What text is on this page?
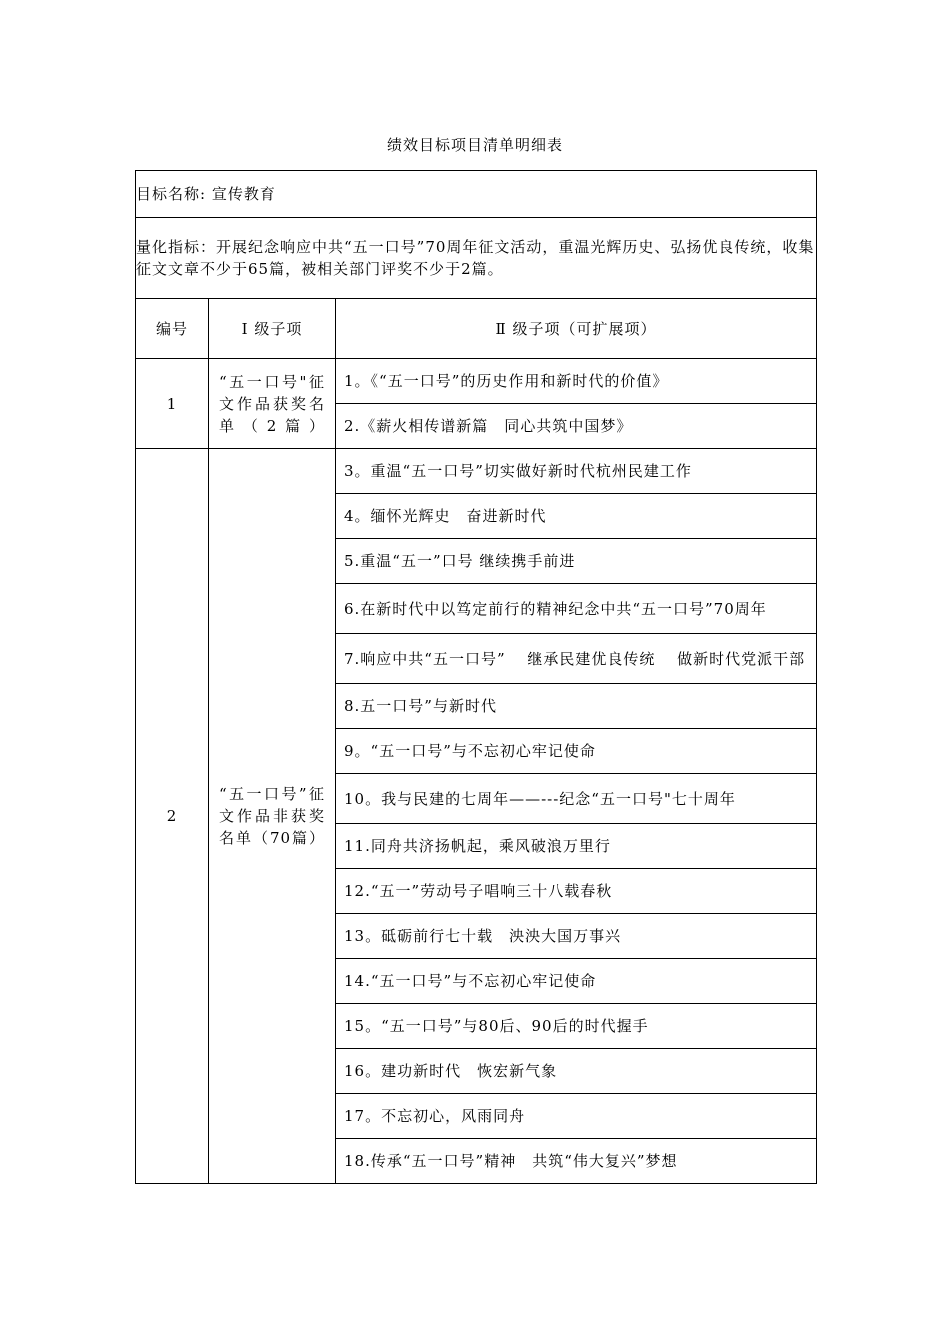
绩效目标项目清单明细表
目标名称: 宣传教育		
量化指标：开展纪念响应中共“五一口号”70周年征文活动，重温光辉历史、弘扬优良传统，收集征文文章不少于65篇，被相关部门评奖不少于2篇。		
编号	Ⅰ 级子项	Ⅱ 级子项（可扩展项）
1	“五一口号"征文作品获奖名单（2篇）	1。《“五一口号”的历史作用和新时代的价值》
		2.《薪火相传谱新篇　同心共筑中国梦》
2	“五一口号”征文作品非获奖名单（70篇）	3。重温“五一口号”切实做好新时代杭州民建工作
		4。缅怀光辉史　奋进新时代
		5.重温“五一”口号 继续携手前进
		6.在新时代中以笃定前行的精神纪念中共“五一口号”70周年
		7.响应中共“五一口号”　 继承民建优良传统　 做新时代党派干部
		8.五一口号”与新时代
		9。“五一口号”与不忘初心牢记使命
		10。我与民建的七周年——---纪念“五一口号"七十周年
		11.同舟共济扬帆起，乘风破浪万里行
		12.“五一”劳动号子唱响三十八载春秋
		13。砥砺前行七十载　泱泱大国万事兴
		14.“五一口号”与不忘初心牢记使命
		15。“五一口号”与80后、90后的时代握手
		16。建功新时代　恢宏新气象
		17。不忘初心，风雨同舟
		18.传承“五一口号”精神　共筑“伟大复兴”梦想
